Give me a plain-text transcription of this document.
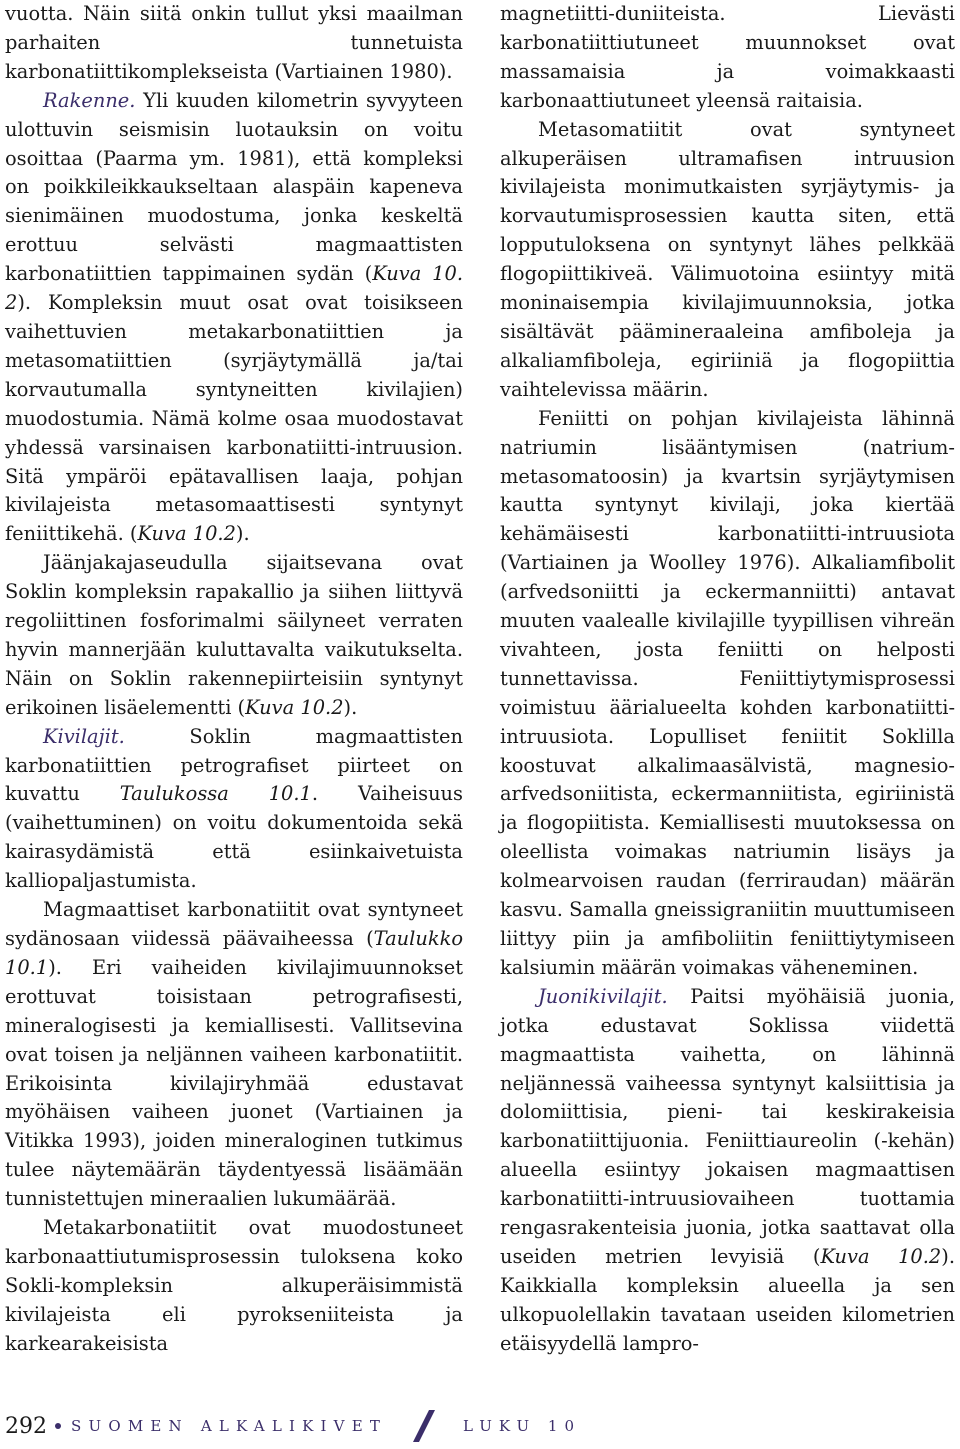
vuotta. Näin siitä onkin tullut yksi maailman parhaiten tunnetuista karbonatiittikomplekseista (Vartiainen 1980).

Rakenne. Yli kuuden kilometrin syvyyteen ulottuvin seismisin luotauksin on voitu osoittaa (Paarma ym. 1981), että kompleksi on poikkileikkaukseltaan alaspäin kapeneva sienimäinen muodostuma, jonka keskeltä erottuu selvästi magmaattisten karbonatiittien tappimainen sydän (Kuva 10. 2). Kompleksin muut osat ovat toisikseen vaihettuvien metakarbonatiittien ja metasomatiittien (syrjäytymällä ja/tai korvautumalla syntyneitten kivilajien) muodostumia. Nämä kolme osaa muodostavat yhdessä varsinaisen karbonatiitti-intruusion. Sitä ympäröi epätavallisen laaja, pohjan kivilajeista metasomaattisesti syntynyt feniittikehä. (Kuva 10.2).

Jäänjakajaseudulla sijaitsevana ovat Soklin kompleksin rapakallio ja siihen liittyvä regoliittinen fosforimalmi säilyneet verraten hyvin mannerjään kuluttavalta vaikutukselta. Näin on Soklin rakennepiirteisiin syntynyt erikoinen lisäelementti (Kuva 10.2).

Kivilajit. Soklin magmaattisten karbonatiittien petrografiset piirteet on kuvattu Taulukossa 10.1. Vaiheisuus (vaihettuminen) on voitu dokumentoida sekä kairasydämistä että esiinkaivetuista kalliopaljastumista.

Magmaattiset karbonatiitit ovat syntyneet sydänosaan viidessä päävaiheessa (Taulukko 10.1). Eri vaiheiden kivilajimuunnokset erottuvat toisistaan petrografisesti, mineralogisesti ja kemiallisesti. Vallitsevina ovat toisen ja neljännen vaiheen karbonatiitit. Erikoisinta kivilajiryhmää edustavat myöhäisen vaiheen juonet (Vartiainen ja Vitikka 1993), joiden mineraloginen tutkimus tulee näytemäärän täydentyessä lisäämään tunnistettujen mineraalien lukumäärää.

Metakarbonatiitit ovat muodostuneet karbonaattiutumisprosessin tuloksena koko Sokli-kompleksin alkuperäisimmistä kivilajeista eli pyrokseniiteista ja karkearakeisista

magnetiitti-duniiteista. Lievästi karbonatiittiutuneet muunnokset ovat massamaisia ja voimakkaasti karbonaattiutuneet yleensä raitaisia.

Metasomatiitit ovat syntyneet alkuperäisen ultramafisen intruusion kivilajeista monimutkaisten syrjäytymis- ja korvautumisprosessien kautta siten, että lopputuloksena on syntynyt lähes pelkkää flogopiittikiveä. Välimuotoina esiintyy mitä moninaisempia kivilajimuunnoksia, jotka sisältävät päämineraaleina amfiboleja ja alkaliamfiboleja, egiriiniä ja flogopiittia vaihtelevissa määrin.

Feniitti on pohjan kivilajeista lähinnä natriumin lisääntymisen (natrium-metasomatoosin) ja kvartsin syrjäytymisen kautta syntynyt kivilaji, joka kiertää kehämäisesti karbonatiitti-intruusiota (Vartiainen ja Woolley 1976). Alkaliamfibolit (arfvedsoniitti ja eckermanniitti) antavat muuten vaalealle kivilajille tyypillisen vihreän vivahteen, josta feniitti on helposti tunnettavissa. Feniittiytymisprosessi voimistuu äärialueelta kohden karbonatiitti-intruusiota. Lopulliset feniitit Soklilla koostuvat alkalimaasälvistä, magnesio-arfvedsoniitista, eckermanniitista, egiriinistä ja flogopiitista. Kemiallisesti muutoksessa on oleellista voimakas natriumin lisäys ja kolmearvoisen raudan (ferriraudan) määrän kasvu. Samalla gneissigraniitin muuttumiseen liittyy piin ja amfiboliitin feniittiytymiseen kalsiumin määrän voimakas väheneminen.

Juonikivilajit. Paitsi myöhäisiä juonia, jotka edustavat Soklissa viidettä magmaattista vaihetta, on lähinnä neljännessä vaiheessa syntynyt kalsiittisia ja dolomiittisia, pieni- tai keskirakeisia karbonatiittijuonia. Feniittiaureolin (-kehän) alueella esiintyy jokaisen magmaattisen karbonatiitti-intruusiovaiheen tuottamia rengasrakenteisia juonia, jotka saattavat olla useiden metrien levyisiä (Kuva 10.2). Kaikkialla kompleksin alueella ja sen ulkopuolellakin tavataan useiden kilometrien etäisyydellä lampro-

292 SUOMEN ALKALIKIVET	LUKU 10
